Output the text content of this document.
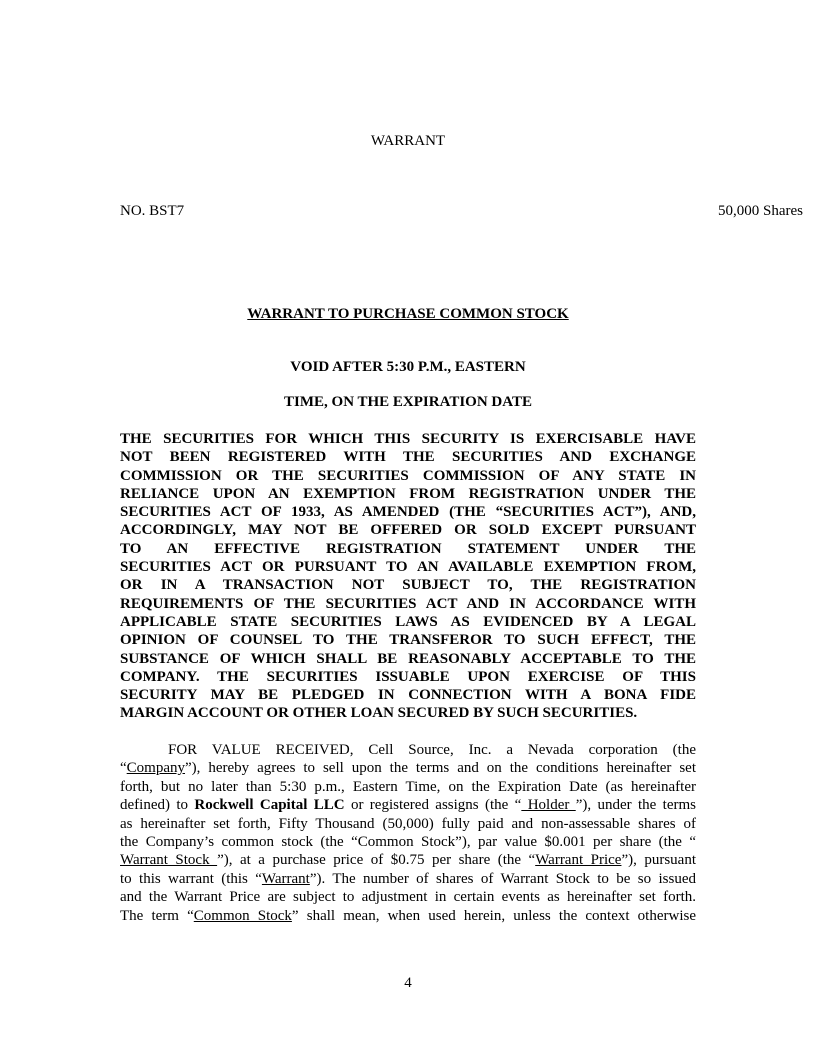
WARRANT
NO. BST7	50,000 Shares
WARRANT TO PURCHASE COMMON STOCK
VOID AFTER 5:30 P.M., EASTERN
TIME, ON THE EXPIRATION DATE
THE SECURITIES FOR WHICH THIS SECURITY IS EXERCISABLE HAVE
NOT BEEN REGISTERED WITH THE SECURITIES AND EXCHANGE
COMMISSION OR THE SECURITIES COMMISSION OF ANY STATE IN
RELIANCE UPON AN EXEMPTION FROM REGISTRATION UNDER THE
SECURITIES ACT OF 1933, AS AMENDED (THE “SECURITIES ACT”), AND,
ACCORDINGLY, MAY NOT BE OFFERED OR SOLD EXCEPT PURSUANT
TO AN EFFECTIVE REGISTRATION STATEMENT UNDER THE
SECURITIES ACT OR PURSUANT TO AN AVAILABLE EXEMPTION FROM,
OR IN A TRANSACTION NOT SUBJECT TO, THE REGISTRATION
REQUIREMENTS OF THE SECURITIES ACT AND IN ACCORDANCE WITH
APPLICABLE STATE SECURITIES LAWS AS EVIDENCED BY A LEGAL
OPINION OF COUNSEL TO THE TRANSFEROR TO SUCH EFFECT, THE
SUBSTANCE OF WHICH SHALL BE REASONABLY ACCEPTABLE TO THE
COMPANY. THE SECURITIES ISSUABLE UPON EXERCISE OF THIS
SECURITY MAY BE PLEDGED IN CONNECTION WITH A BONA FIDE
MARGIN ACCOUNT OR OTHER LOAN SECURED BY SUCH SECURITIES.
FOR VALUE RECEIVED, Cell Source, Inc. a Nevada corporation (the
“Company”), hereby agrees to sell upon the terms and on the conditions hereinafter set
forth, but no later than 5:30 p.m., Eastern Time, on the Expiration Date (as hereinafter
defined) to Rockwell Capital LLC or registered assigns (the “ Holder ”), under the terms
as hereinafter set forth, Fifty Thousand (50,000) fully paid and non-assessable shares of
the Company’s common stock (the “Common Stock”), par value $0.001 per share (the “
Warrant Stock ”), at a purchase price of $0.75 per share (the “Warrant Price”), pursuant
to this warrant (this “Warrant”). The number of shares of Warrant Stock to be so issued
and the Warrant Price are subject to adjustment in certain events as hereinafter set forth.
The term “Common Stock” shall mean, when used herein, unless the context otherwise
4
